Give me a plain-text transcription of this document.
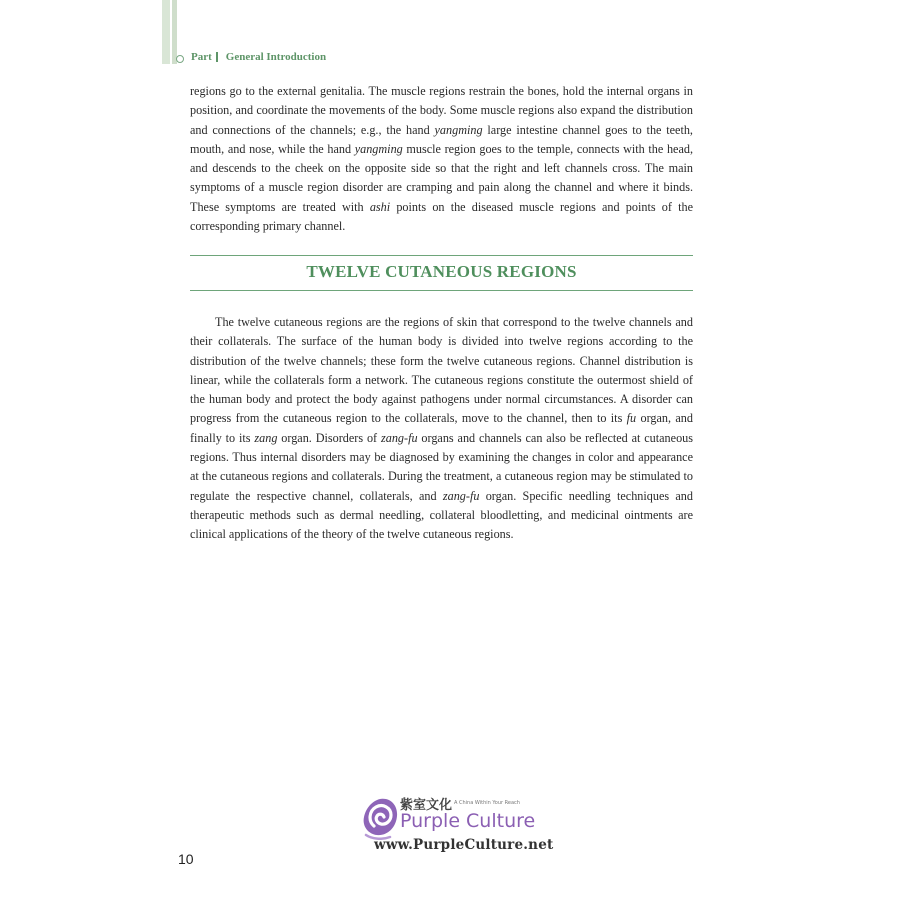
Part General Introduction

regions go to the external genitalia. The muscle regions restrain the bones, hold the internal organs in position, and coordinate the movements of the body. Some muscle regions also expand the distribution and connections of the channels; e.g., the hand yangming large intestine channel goes to the teeth, mouth, and nose, while the hand yangming muscle region goes to the temple, connects with the head, and descends to the cheek on the opposite side so that the right and left channels cross. The main symptoms of a muscle region disorder are cramping and pain along the channel and where it binds. These symptoms are treated with ashi points on the diseased muscle regions and points of the corresponding primary channel.

TWELVE CUTANEOUS REGIONS

The twelve cutaneous regions are the regions of skin that correspond to the twelve channels and their collaterals. The surface of the human body is divided into twelve regions according to the distribution of the twelve channels; these form the twelve cutaneous regions. Channel distribution is linear, while the collaterals form a network. The cutaneous regions constitute the outermost shield of the human body and protect the body against pathogens under normal circumstances. A disorder can progress from the cutaneous region to the collaterals, move to the channel, then to its fu organ, and finally to its zang organ. Disorders of zang-fu organs and channels can also be reflected at cutaneous regions. Thus internal disorders may be diagnosed by examining the changes in color and appearance at the cutaneous regions and collaterals. During the treatment, a cutaneous region may be stimulated to regulate the respective channel, collaterals, and zang-fu organ. Specific needling techniques and therapeutic methods such as dermal needling, collateral bloodletting, and medicinal ointments are clinical applications of the theory of the twelve cutaneous regions.

紫室文化 A China Within Your Reach
Purple Culture
www.PurpleCulture.net
10
